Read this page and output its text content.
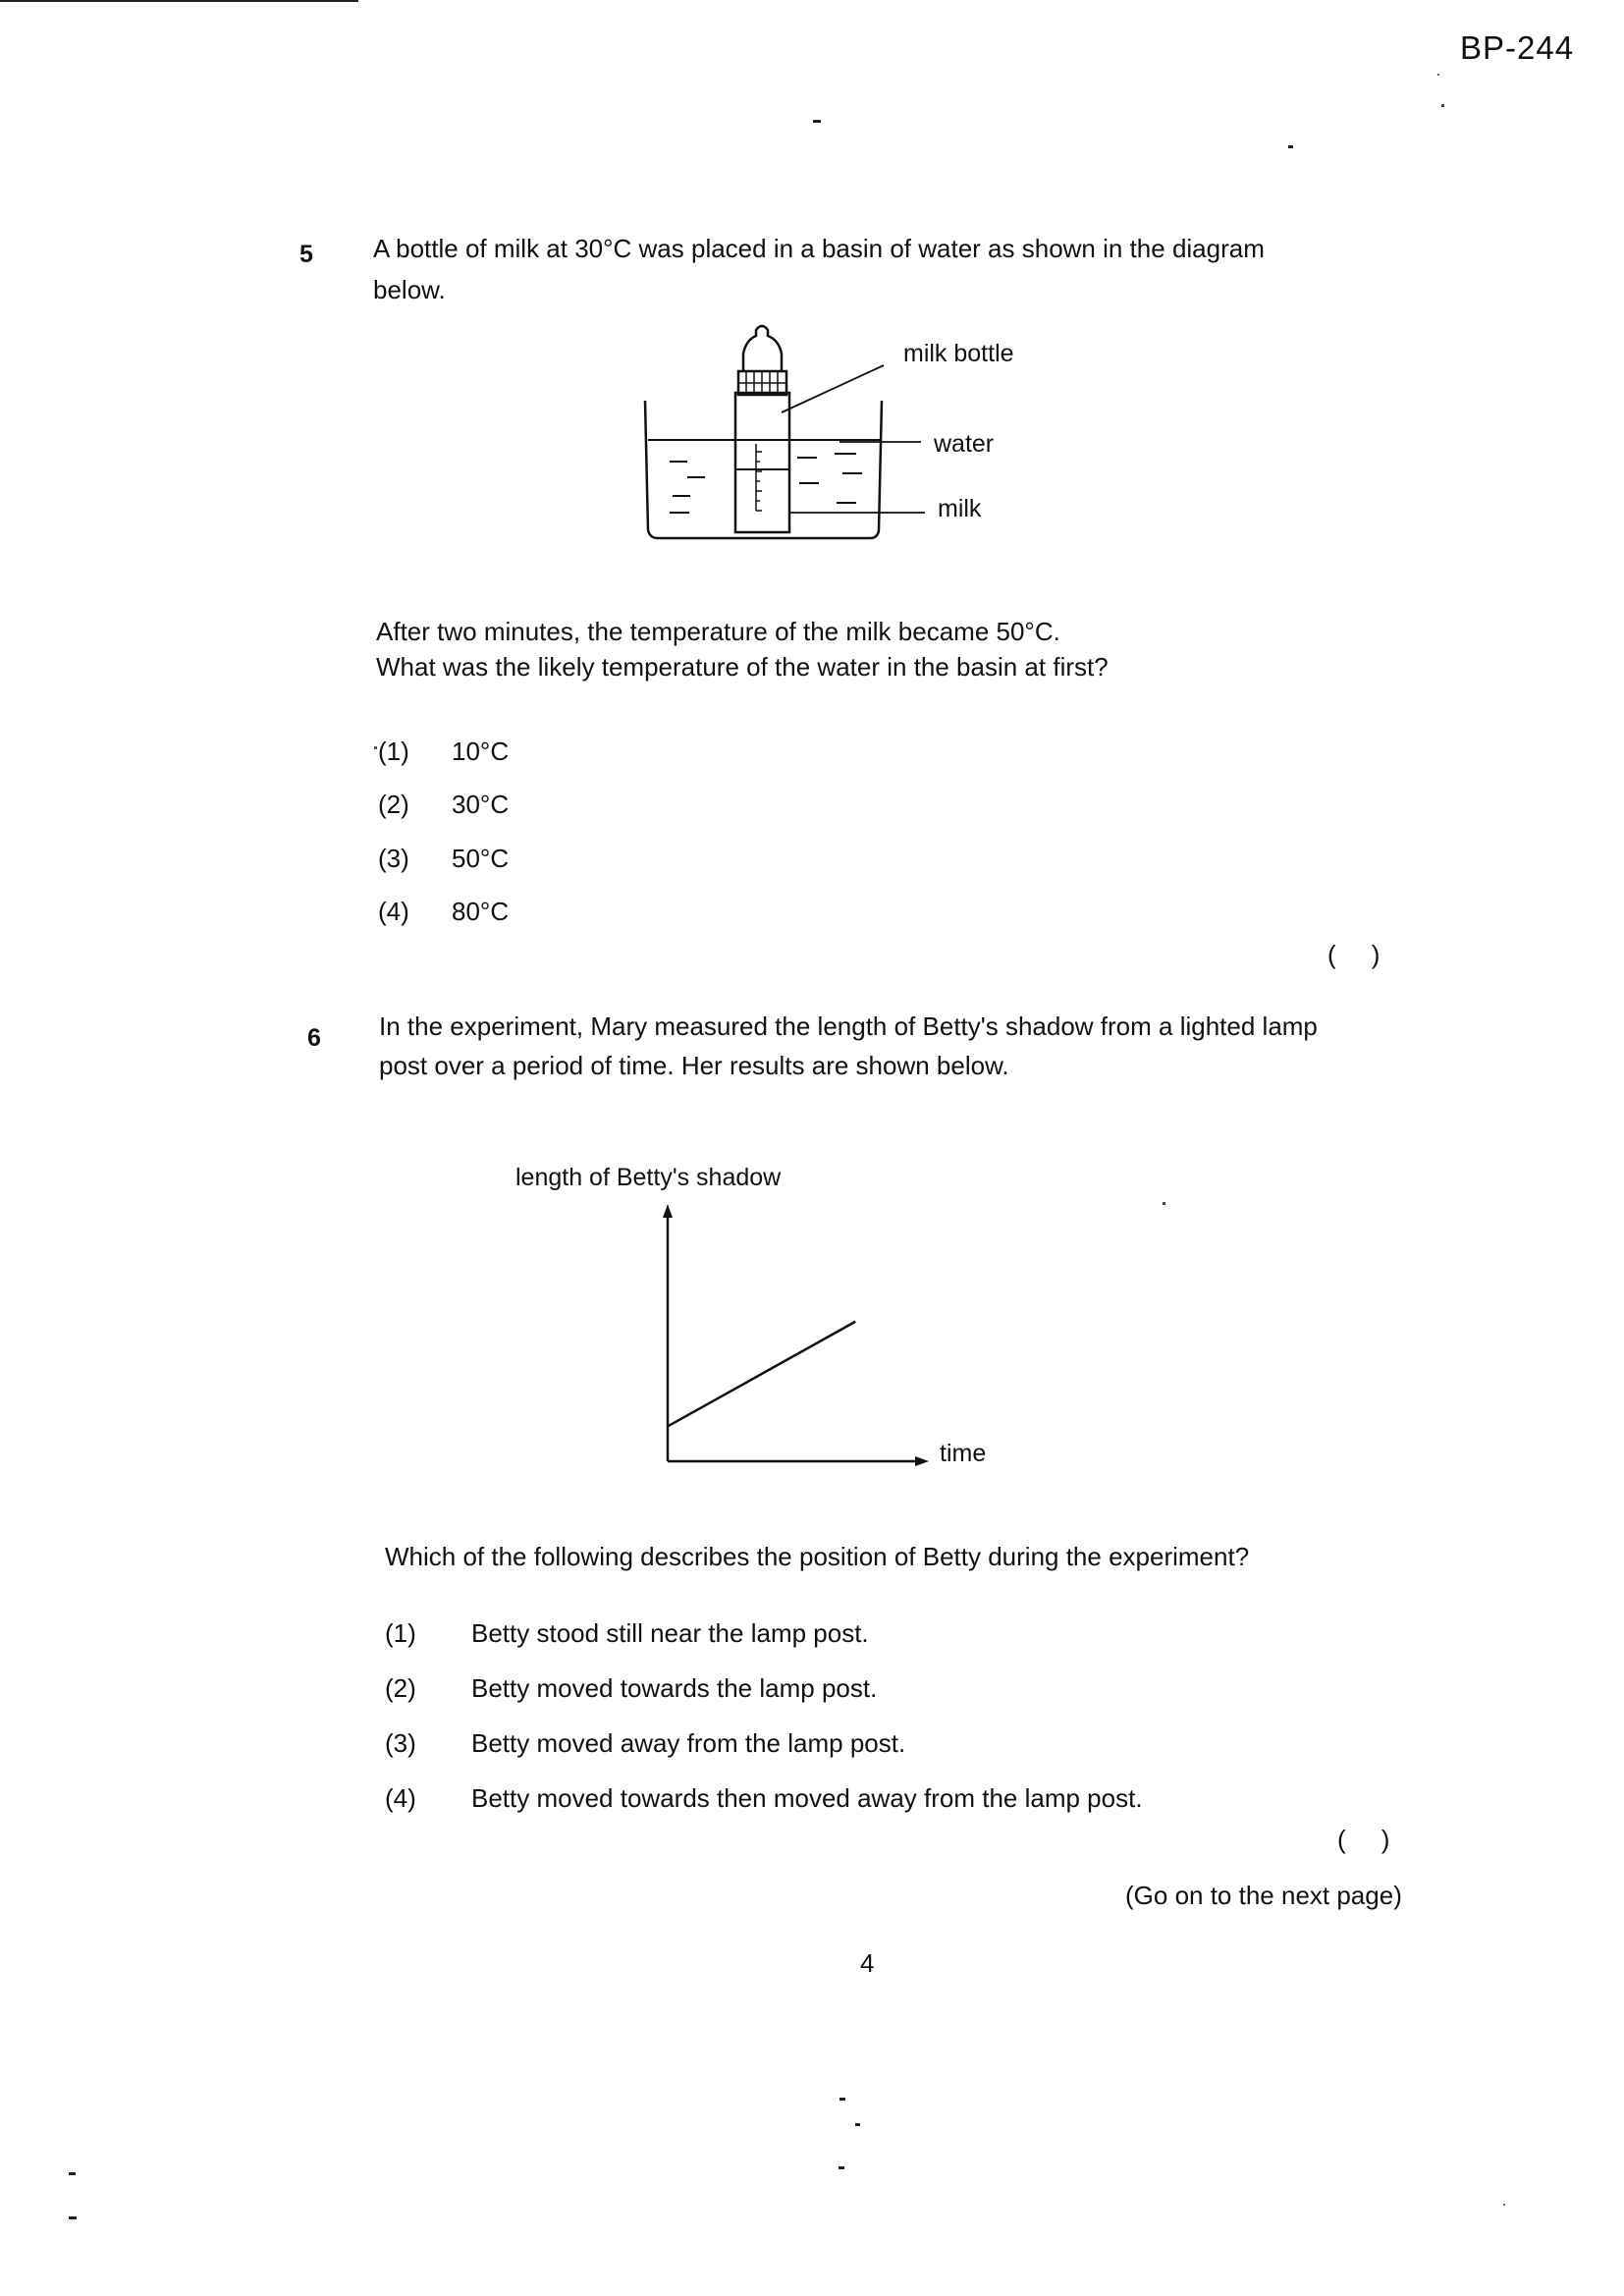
BP-244
5 A bottle of milk at 30°C was placed in a basin of water as shown in the diagram
below.
milk bottle
water
milk
After two minutes, the temperature of the milk became 50°C.
What was the likely temperature of the water in the basin at first?
(1) 10°C
(2) 30°C
(3) 50°C
(4) 80°C
(     )
6 In the experiment, Mary measured the length of Betty's shadow from a lighted lamp
post over a period of time. Her results are shown below.
length of Betty's shadow
time
Which of the following describes the position of Betty during the experiment?
(1) Betty stood still near the lamp post.
(2) Betty moved towards the lamp post.
(3) Betty moved away from the lamp post.
(4) Betty moved towards then moved away from the lamp post.
(     )
(Go on to the next page)
4
